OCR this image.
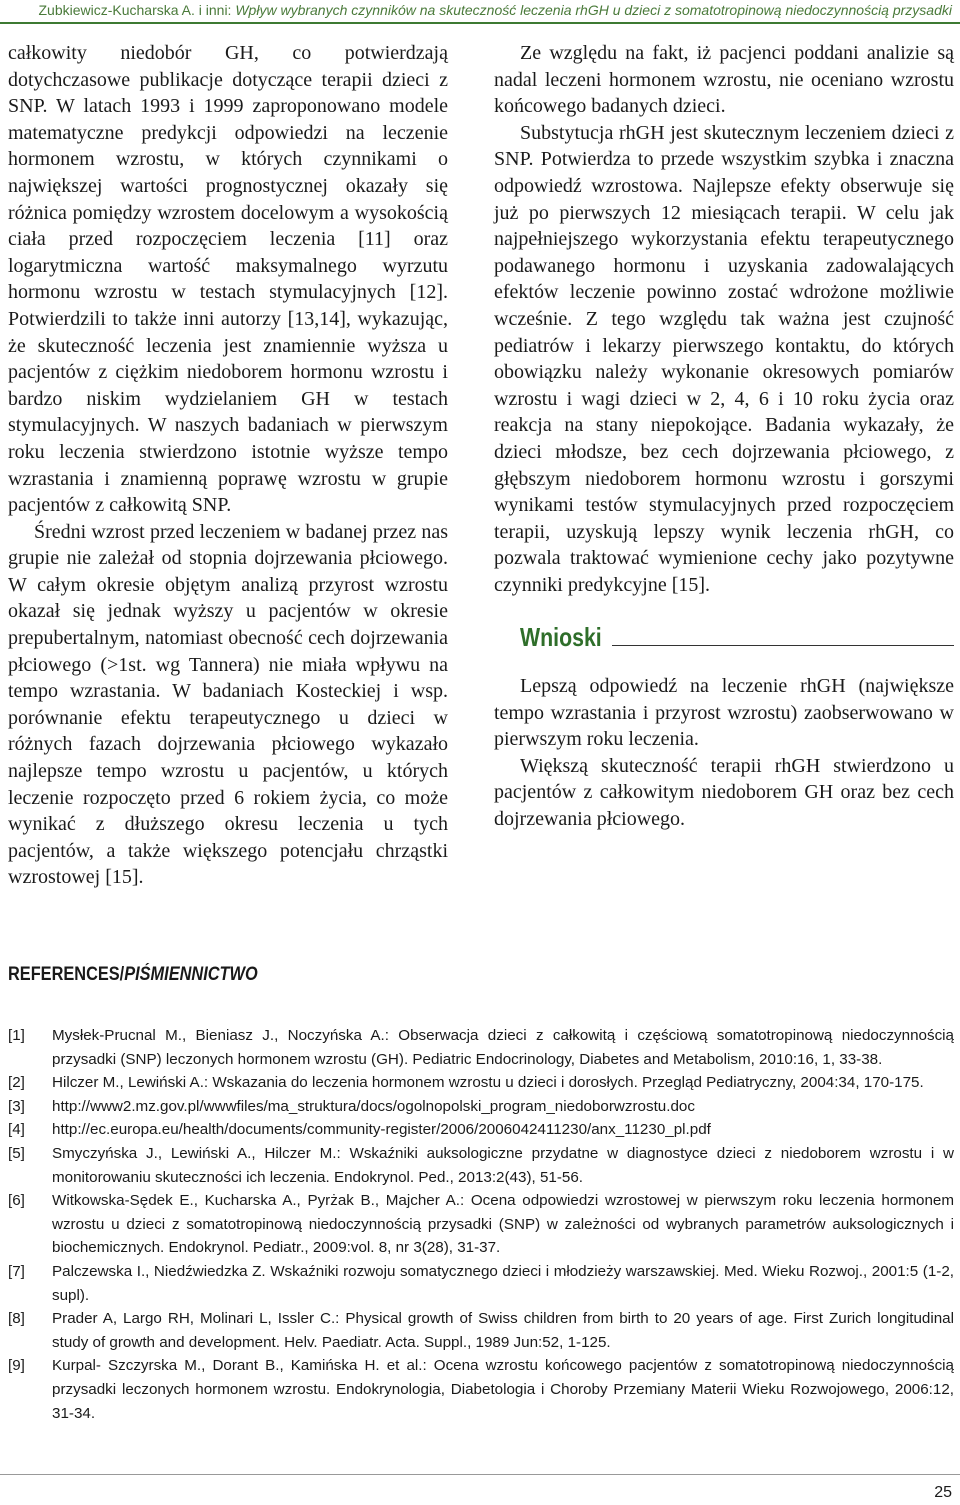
Zubkiewicz-Kucharska A. i inni: Wpływ wybranych czynników na skuteczność leczenia rhGH u dzieci z somatotropinową niedoczynnością przysadki

całkowity niedobór GH, co potwierdzają dotychczasowe publikacje dotyczące terapii dzieci z SNP. W latach 1993 i 1999 zaproponowano modele matematyczne predykcji odpowiedzi na leczenie hormonem wzrostu, w których czynnikami o największej wartości prognostycznej okazały się różnica pomiędzy wzrostem docelowym a wysokością ciała przed rozpoczęciem leczenia [11] oraz logarytmiczna wartość maksymalnego wyrzutu hormonu wzrostu w testach stymulacyjnych [12]. Potwierdzili to także inni autorzy [13,14], wykazując, że skuteczność leczenia jest znamiennie wyższa u pacjentów z ciężkim niedoborem hormonu wzrostu i bardzo niskim wydzielaniem GH w testach stymulacyjnych. W naszych badaniach w pierwszym roku leczenia stwierdzono istotnie wyższe tempo wzrastania i znamienną poprawę wzrostu w grupie pacjentów z całkowitą SNP.

Średni wzrost przed leczeniem w badanej przez nas grupie nie zależał od stopnia dojrzewania płciowego. W całym okresie objętym analizą przyrost wzrostu okazał się jednak wyższy u pacjentów w okresie prepubertalnym, natomiast obecność cech dojrzewania płciowego (>1st. wg Tannera) nie miała wpływu na tempo wzrastania. W badaniach Kosteckiej i wsp. porównanie efektu terapeutycznego u dzieci w różnych fazach dojrzewania płciowego wykazało najlepsze tempo wzrostu u pacjentów, u których leczenie rozpoczęto przed 6 rokiem życia, co może wynikać z dłuższego okresu leczenia u tych pacjentów, a także większego potencjału chrząstki wzrostowej [15].

Ze względu na fakt, iż pacjenci poddani analizie są nadal leczeni hormonem wzrostu, nie oceniano wzrostu końcowego badanych dzieci.

Substytucja rhGH jest skutecznym leczeniem dzieci z SNP. Potwierdza to przede wszystkim szybka i znaczna odpowiedź wzrostowa. Najlepsze efekty obserwuje się już po pierwszych 12 miesiącach terapii. W celu jak najpełniejszego wykorzystania efektu terapeutycznego podawanego hormonu i uzyskania zadowalających efektów leczenie powinno zostać wdrożone możliwie wcześnie. Z tego względu tak ważna jest czujność pediatrów i lekarzy pierwszego kontaktu, do których obowiązku należy wykonanie okresowych pomiarów wzrostu i wagi dzieci w 2, 4, 6 i 10 roku życia oraz reakcja na stany niepokojące. Badania wykazały, że dzieci młodsze, bez cech dojrzewania płciowego, z głębszym niedoborem hormonu wzrostu i gorszymi wynikami testów stymulacyjnych przed rozpoczęciem terapii, uzyskują lepszy wynik leczenia rhGH, co pozwala traktować wymienione cechy jako pozytywne czynniki predykcyjne [15].

Wnioski

Lepszą odpowiedź na leczenie rhGH (największe tempo wzrastania i przyrost wzrostu) zaobserwowano w pierwszym roku leczenia.

Większą skuteczność terapii rhGH stwierdzono u pacjentów z całkowitym niedoborem GH oraz bez cech dojrzewania płciowego.

REFERENCES/PIŚMIENNICTWO
[1]	Mysłek-Prucnal M., Bieniasz J., Noczyńska A.: Obserwacja dzieci z całkowitą i częściową somatotropinową niedoczynnością przysadki (SNP) leczonych hormonem wzrostu (GH). Pediatric Endocrinology, Diabetes and Metabolism, 2010:16, 1, 33-38.
[2]	Hilczer M., Lewiński A.: Wskazania do leczenia hormonem wzrostu u dzieci i dorosłych. Przegląd Pediatryczny, 2004:34, 170-175.
[3]	http://www2.mz.gov.pl/wwwfiles/ma_struktura/docs/ogolnopolski_program_niedoborwzrostu.doc
[4]	http://ec.europa.eu/health/documents/community-register/2006/2006042411230/anx_11230_pl.pdf
[5]	Smyczyńska J., Lewiński A., Hilczer M.: Wskaźniki auksologiczne przydatne w diagnostyce dzieci z niedoborem wzrostu i w monitorowaniu skuteczności ich leczenia. Endokrynol. Ped., 2013:2(43), 51-56.
[6]	Witkowska-Sędek E., Kucharska A., Pyrżak B., Majcher A.: Ocena odpowiedzi wzrostowej w pierwszym roku leczenia hormonem wzrostu u dzieci z somatotropinową niedoczynnością przysadki (SNP) w zależności od wybranych parametrów auksologicznych i biochemicznych. Endokrynol. Pediatr., 2009:vol. 8, nr 3(28), 31-37.
[7]	Palczewska I., Niedźwiedzka Z. Wskaźniki rozwoju somatycznego dzieci i młodzieży warszawskiej. Med. Wieku Rozwoj., 2001:5 (1-2, supl).
[8]	Prader A, Largo RH, Molinari L, Issler C.: Physical growth of Swiss children from birth to 20 years of age. First Zurich longitudinal study of growth and development. Helv. Paediatr. Acta. Suppl., 1989 Jun:52, 1-125.
[9]	Kurpal- Szczyrska M., Dorant B., Kamińska H. et al.: Ocena wzrostu końcowego pacjentów z somatotropinową niedoczynnością przysadki leczonych hormonem wzrostu. Endokrynologia, Diabetologia i Choroby Przemiany Materii Wieku Rozwojowego, 2006:12, 31-34.
25
